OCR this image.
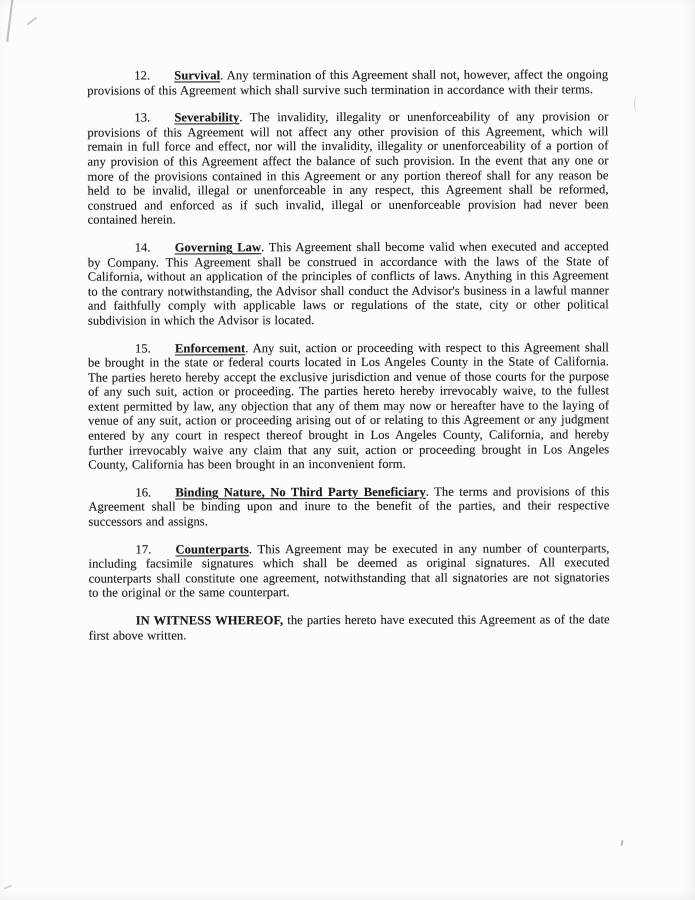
12. Survival. Any termination of this Agreement shall not, however, affect the ongoing provisions of this Agreement which shall survive such termination in accordance with their terms.

13. Severability. The invalidity, illegality or unenforceability of any provision or provisions of this Agreement will not affect any other provision of this Agreement, which will remain in full force and effect, nor will the invalidity, illegality or unenforceability of a portion of any provision of this Agreement affect the balance of such provision. In the event that any one or more of the provisions contained in this Agreement or any portion thereof shall for any reason be held to be invalid, illegal or unenforceable in any respect, this Agreement shall be reformed, construed and enforced as if such invalid, illegal or unenforceable provision had never been contained herein.

14. Governing Law. This Agreement shall become valid when executed and accepted by Company. This Agreement shall be construed in accordance with the laws of the State of California, without an application of the principles of conflicts of laws. Anything in this Agreement to the contrary notwithstanding, the Advisor shall conduct the Advisor's business in a lawful manner and faithfully comply with applicable laws or regulations of the state, city or other political subdivision in which the Advisor is located.

15. Enforcement. Any suit, action or proceeding with respect to this Agreement shall be brought in the state or federal courts located in Los Angeles County in the State of California. The parties hereto hereby accept the exclusive jurisdiction and venue of those courts for the purpose of any such suit, action or proceeding. The parties hereto hereby irrevocably waive, to the fullest extent permitted by law, any objection that any of them may now or hereafter have to the laying of venue of any suit, action or proceeding arising out of or relating to this Agreement or any judgment entered by any court in respect thereof brought in Los Angeles County, California, and hereby further irrevocably waive any claim that any suit, action or proceeding brought in Los Angeles County, California has been brought in an inconvenient form.

16. Binding Nature, No Third Party Beneficiary. The terms and provisions of this Agreement shall be binding upon and inure to the benefit of the parties, and their respective successors and assigns.

17. Counterparts. This Agreement may be executed in any number of counterparts, including facsimile signatures which shall be deemed as original signatures. All executed counterparts shall constitute one agreement, notwithstanding that all signatories are not signatories to the original or the same counterpart.

IN WITNESS WHEREOF, the parties hereto have executed this Agreement as of the date first above written.
